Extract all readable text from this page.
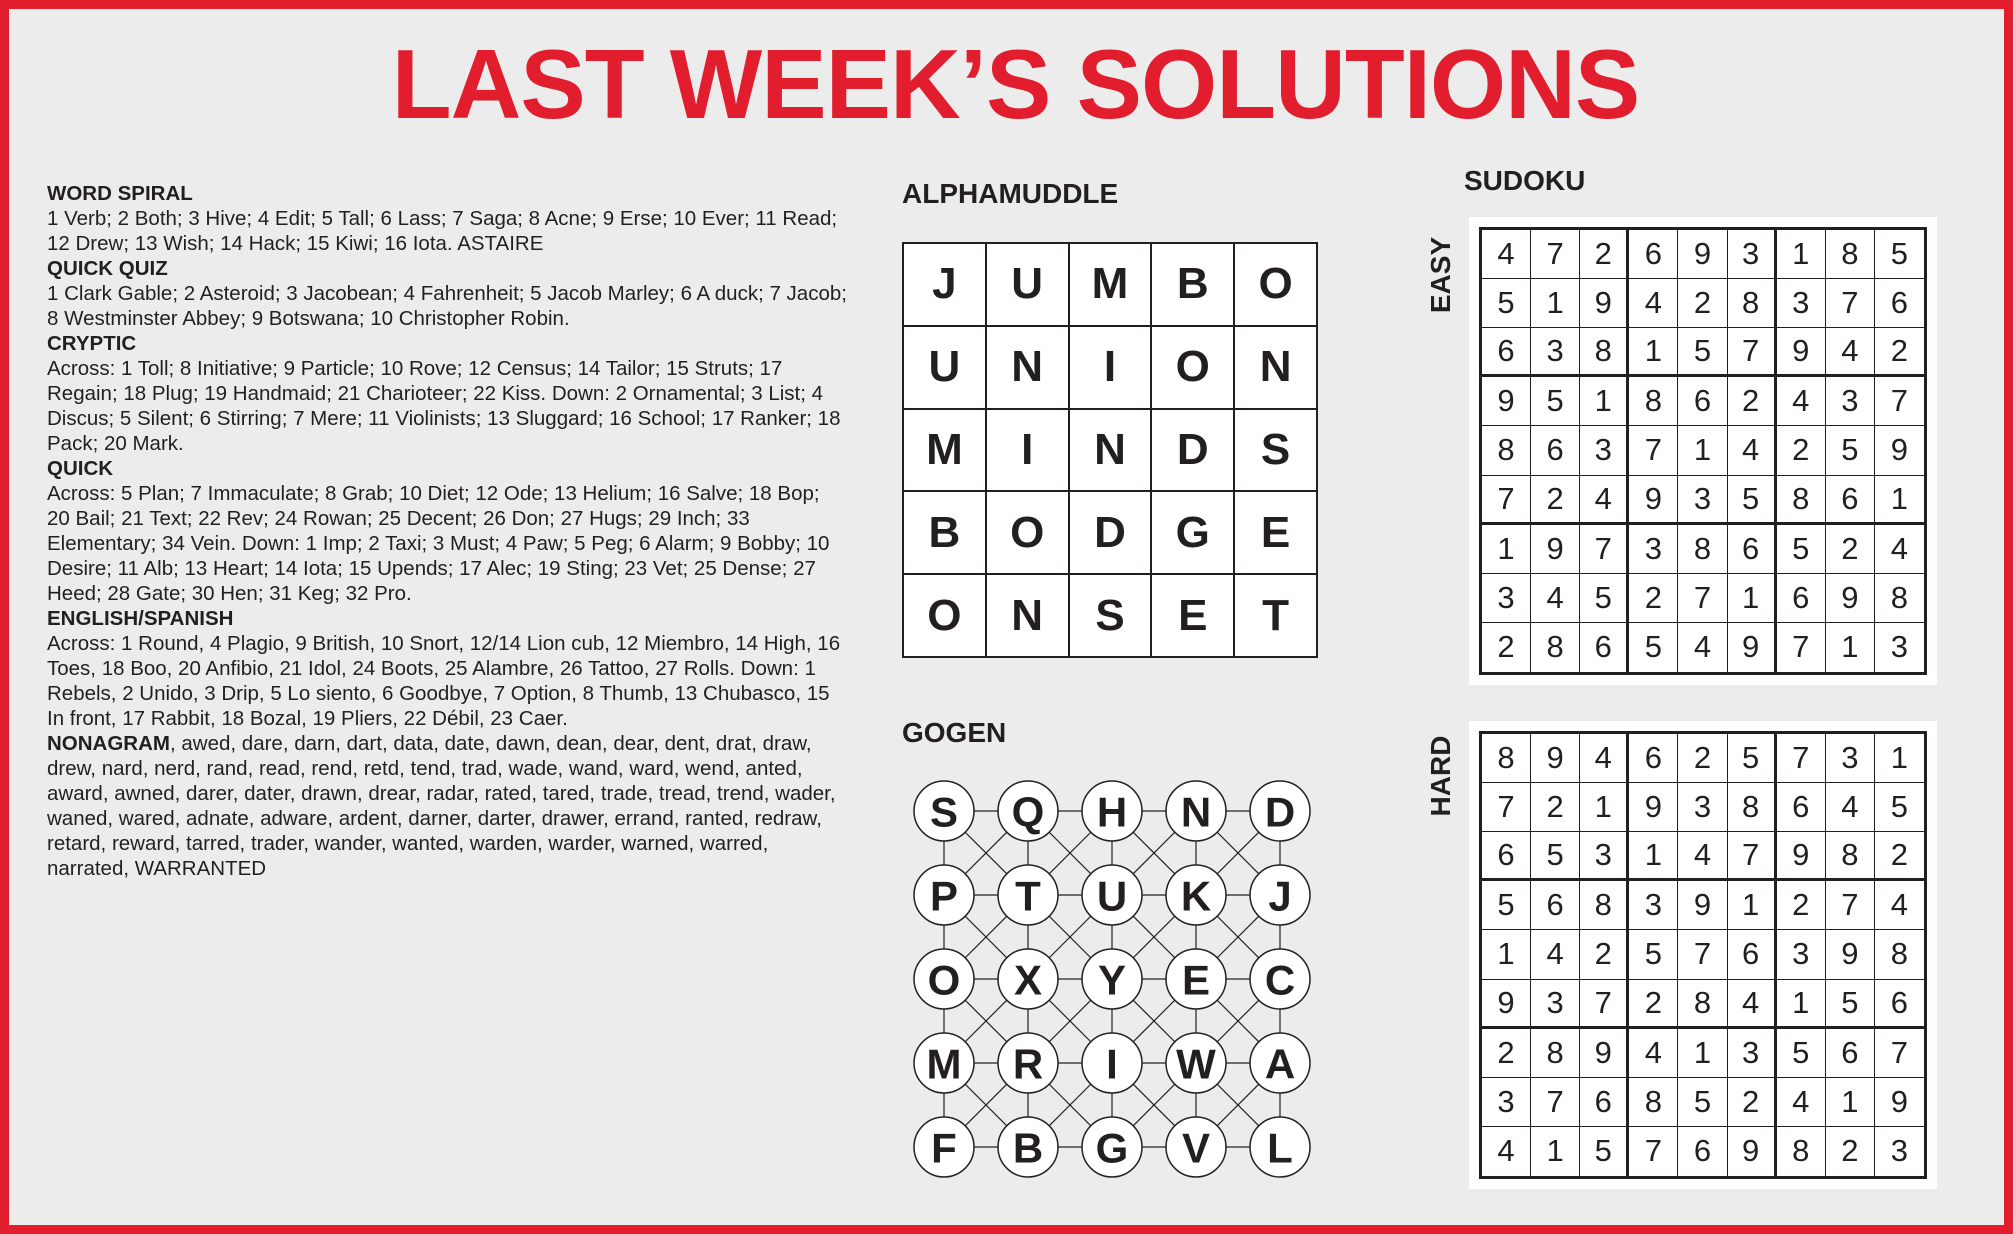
LAST WEEK’S SOLUTIONS
WORD SPIRAL
1 Verb; 2 Both; 3 Hive; 4 Edit; 5 Tall; 6 Lass; 7 Saga; 8 Acne; 9 Erse; 10 Ever; 11 Read; 12 Drew; 13 Wish; 14 Hack; 15 Kiwi; 16 Iota. ASTAIRE
QUICK QUIZ
1 Clark Gable; 2 Asteroid; 3 Jacobean; 4 Fahrenheit; 5 Jacob Marley; 6 A duck; 7 Jacob; 8 Westminster Abbey; 9 Botswana; 10 Christopher Robin.
CRYPTIC
Across: 1 Toll; 8 Initiative; 9 Particle; 10 Rove; 12 Census; 14 Tailor; 15 Struts; 17 Regain; 18 Plug; 19 Handmaid; 21 Charioteer; 22 Kiss. Down: 2 Ornamental; 3 List; 4 Discus; 5 Silent; 6 Stirring; 7 Mere; 11 Violinists; 13 Sluggard; 16 School; 17 Ranker; 18 Pack; 20 Mark.
QUICK
Across: 5 Plan; 7 Immaculate; 8 Grab; 10 Diet; 12 Ode; 13 Helium; 16 Salve; 18 Bop; 20 Bail; 21 Text; 22 Rev; 24 Rowan; 25 Decent; 26 Don; 27 Hugs; 29 Inch; 33 Elementary; 34 Vein. Down: 1 Imp; 2 Taxi; 3 Must; 4 Paw; 5 Peg; 6 Alarm; 9 Bobby; 10 Desire; 11 Alb; 13 Heart; 14 Iota; 15 Upends; 17 Alec; 19 Sting; 23 Vet; 25 Dense; 27 Heed; 28 Gate; 30 Hen; 31 Keg; 32 Pro.
ENGLISH/SPANISH
Across: 1 Round, 4 Plagio, 9 British, 10 Snort, 12/14 Lion cub, 12 Miembro, 14 High, 16 Toes, 18 Boo, 20 Anfibio, 21 Idol, 24 Boots, 25 Alambre, 26 Tattoo, 27 Rolls. Down: 1 Rebels, 2 Unido, 3 Drip, 5 Lo siento, 6 Goodbye, 7 Option, 8 Thumb, 13 Chubasco, 15 In front, 17 Rabbit, 18 Bozal, 19 Pliers, 22 Débil, 23 Caer.
NONAGRAM, awed, dare, darn, dart, data, date, dawn, dean, dear, dent, drat, draw, drew, nard, nerd, rand, read, rend, retd, tend, trad, wade, wand, ward, wend, anted, award, awned, darer, dater, drawn, drear, radar, rated, tared, trade, tread, trend, wader, waned, wared, adnate, adware, ardent, darner, darter, drawer, errand, ranted, redraw, retard, reward, tarred, trader, wander, wanted, warden, warder, warned, warred, narrated, WARRANTED
ALPHAMUDDLE
J	U	M	B	O
U	N	I	O	N
M	I	N	D	S
B	O	D	G	E
O	N	S	E	T
GOGEN
S Q H N D
P T U K J
O X Y E C
M R I W A
F B G V L
SUDOKU
EASY	4	7 2	6	9 3	1	8	5
5	1 9	4	2 8	3	7	6
6	3 8	1	5 7	9	4	2
9	5 1	8	6 2	4	3	7
8	6 3	7	1 4	2	5	9
7	2 4	9	3 5	8	6	1
1	9 7	3	8 6	5	2	4
3	4 5	2	7 1	6	9	8
2	8 6	5	4 9	7	1	3
HARD	8	9 4	6	2 5	7	3	1
7	2 1	9	3 8	6	4	5
6	5 3	1	4 7	9	8	2
5	6 8	3	9 1	2	7	4
1	4 2	5	7 6	3	9	8
9	3 7	2	8 4	1	5	6
2	8 9	4	1 3	5	6	7
3	7 6	8	5 2	4	1	9
4	1 5	7	6 9	8	2	3
